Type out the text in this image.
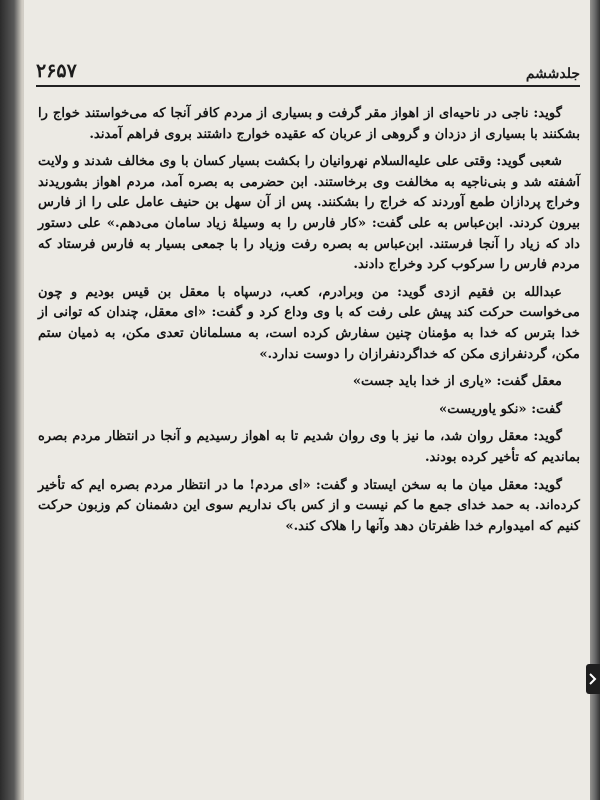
۲۶۵۷	جلدششم

گوید: ناجی در ناحیه‌ای از اهواز مقر گرفت و بسیاری از مردم کافر آنجا که می‌خواستند خواج را بشکنند با بسیاری از دزدان و گروهی از عربان که عقیده خوارج داشتند بروی فراهم آمدند.

شعبی گوید: وقتی علی علیه‌السلام نهروانیان را بکشت بسیار کسان با وی مخالف شدند و ولایت آشفته شد و بنی‌ناجیه به مخالفت وی برخاستند. ابن حضرمی به بصره آمد، مردم اهواز بشوریدند وخراج پردازان طمع آوردند که خراج را بشکنند. پس از آن سهل بن حنیف عامل علی را از فارس بیرون کردند. ابن‌عباس به علی گفت: «کار فارس را به وسیلهٔ زیاد سامان می‌دهم.» علی دستور داد که زیاد را آنجا فرستند. ابن‌عباس به بصره رفت وزیاد را با جمعی بسیار به فارس فرستاد که مردم فارس را سرکوب کرد وخراج دادند.

عبدالله بن فقیم ازدی گوید: من وبرادرم، کعب، درسپاه با معقل بن قیس بودیم و چون می‌خواست حرکت کند پیش علی رفت که با وی وداع کرد و گفت: «ای معقل، چندان که توانی از خدا بترس که خدا به مؤمنان چنین سفارش کرده است، به مسلمانان تعدی مکن، به ذمیان ستم مکن، گردنفرازی مکن که خداگردنفرازان را دوست ندارد.»

معقل گفت: «یاری از خدا باید جست»

گفت: «نکو یاوریست»

گوید: معقل روان شد، ما نیز با وی روان شدیم تا به اهواز رسیدیم و آنجا در انتظار مردم بصره بماندیم که تأخیر کرده بودند.

گوید: معقل میان ما به سخن ایستاد و گفت: «ای مردم! ما در انتظار مردم بصره ایم که تأخیر کرده‌اند. به حمد خدای جمع ما کم نیست و از کس باک نداریم سوی این دشمنان کم وزبون حرکت کنیم که امیدوارم خدا ظفرتان دهد وآنها را هلاک کند.»
